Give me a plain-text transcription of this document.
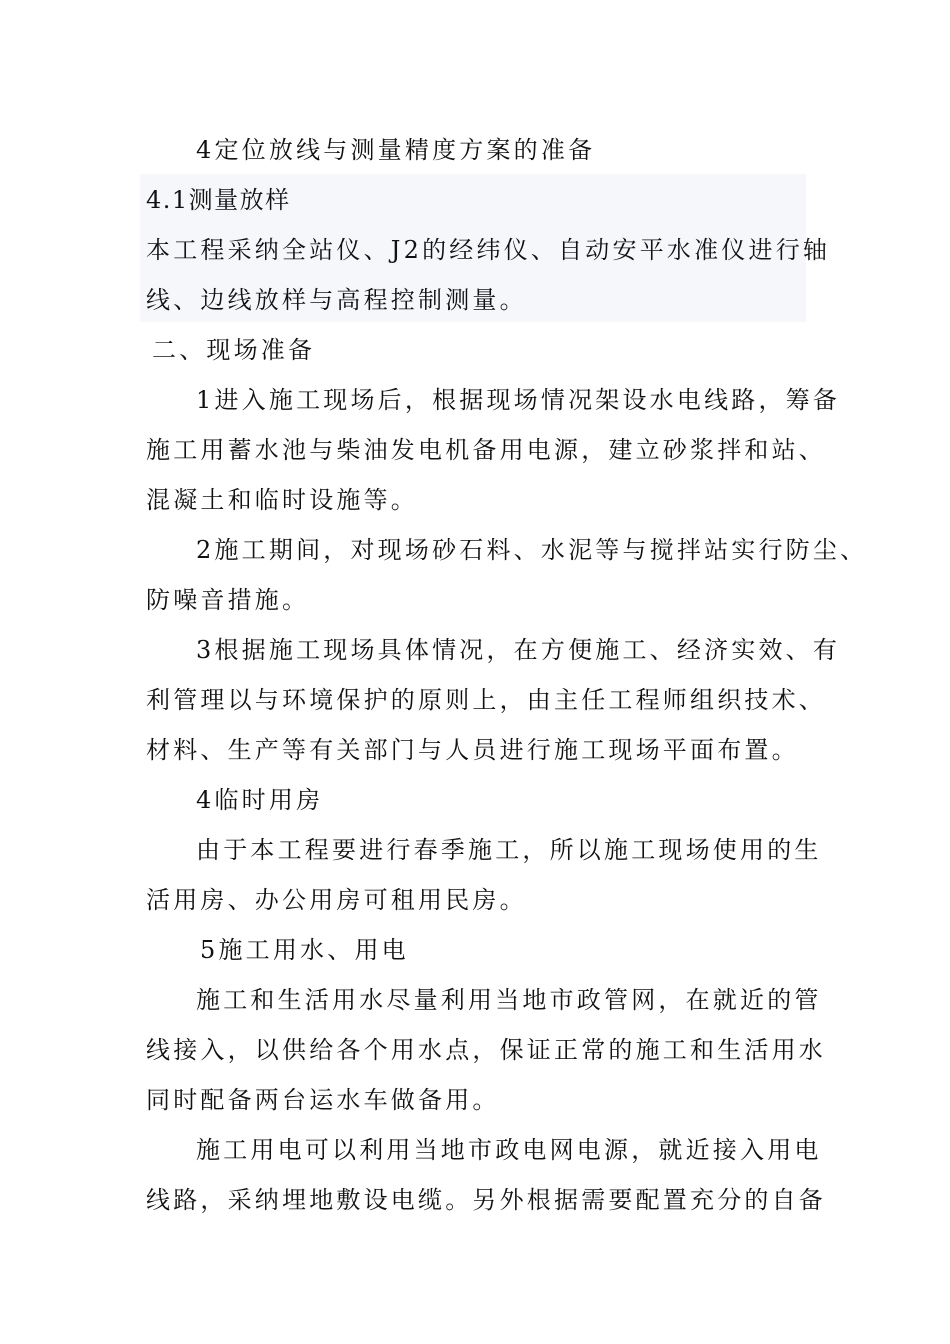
4定位放线与测量精度方案的准备
4.1测量放样
本工程采纳全站仪、J2的经纬仪、自动安平水准仪进行轴
线、边线放样与高程控制测量。
二、现场准备
1进入施工现场后，根据现场情况架设水电线路，筹备
施工用蓄水池与柴油发电机备用电源，建立砂浆拌和站、
混凝土和临时设施等。
2施工期间，对现场砂石料、水泥等与搅拌站实行防尘、
防噪音措施。
3根据施工现场具体情况，在方便施工、经济实效、有
利管理以与环境保护的原则上，由主任工程师组织技术、
材料、生产等有关部门与人员进行施工现场平面布置。
4临时用房
由于本工程要进行春季施工，所以施工现场使用的生
活用房、办公用房可租用民房。
5施工用水、用电
施工和生活用水尽量利用当地市政管网，在就近的管
线接入，以供给各个用水点，保证正常的施工和生活用水
同时配备两台运水车做备用。
施工用电可以利用当地市政电网电源，就近接入用电
线路，采纳埋地敷设电缆。另外根据需要配置充分的自备
